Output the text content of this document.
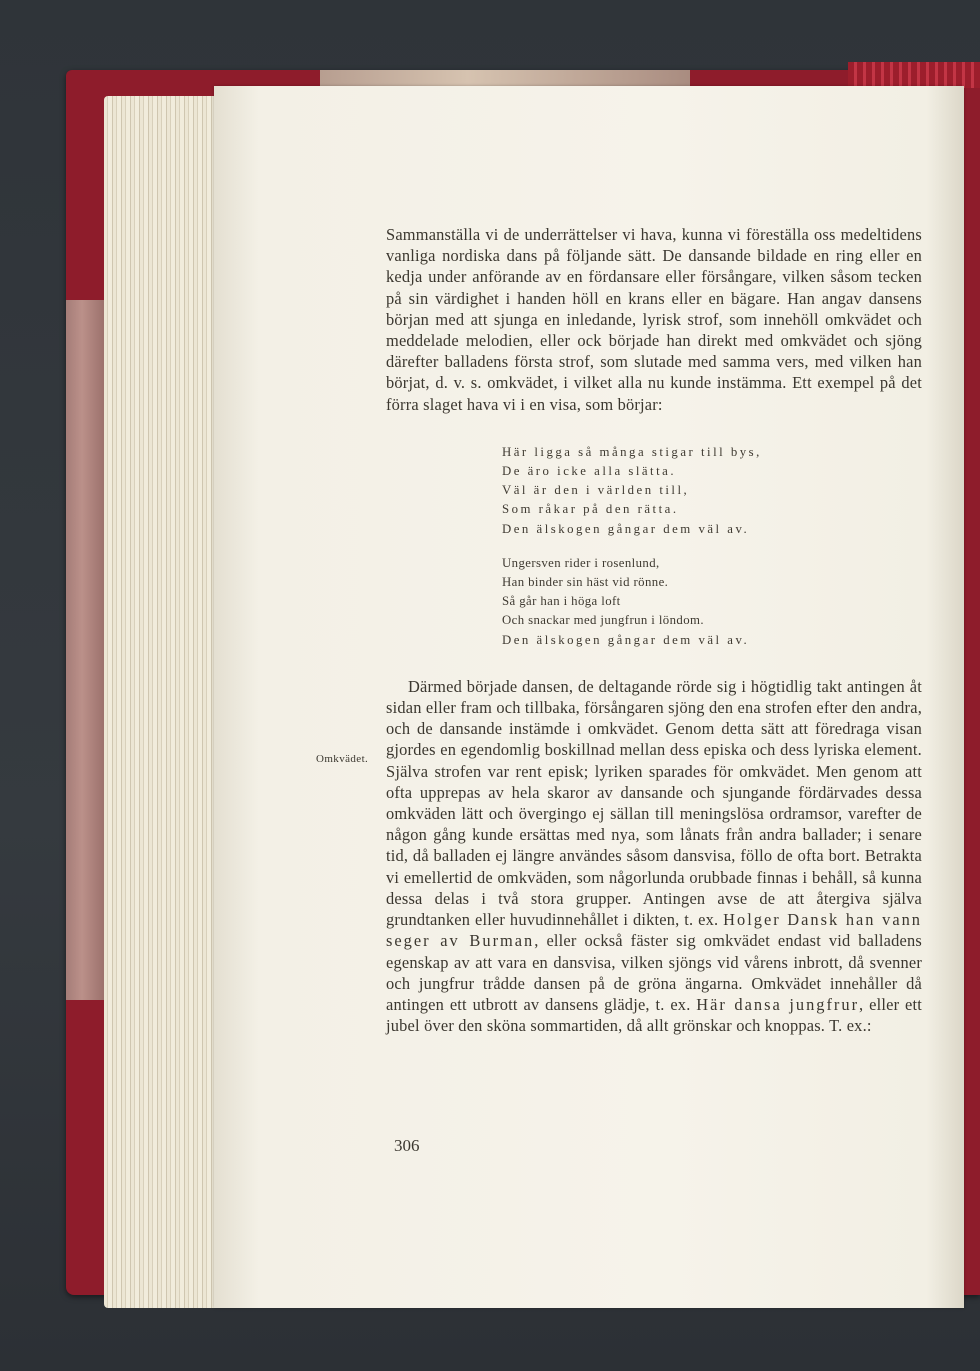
Sammanställa vi de underrättelser vi hava, kunna vi föreställa oss medeltidens vanliga nordiska dans på följande sätt. De dansande bildade en ring eller en kedja under anförande av en fördansare eller försångare, vilken såsom tecken på sin värdighet i handen höll en krans eller en bägare. Han angav dansens början med att sjunga en inledande, lyrisk strof, som innehöll omkvädet och meddelade melodien, eller ock började han direkt med omkvädet och sjöng därefter balladens första strof, som slutade med samma vers, med vilken han börjat, d. v. s. omkvädet, i vilket alla nu kunde instämma. Ett exempel på det förra slaget hava vi i en visa, som börjar:

Här ligga så många stigar till bys,
De äro icke alla slätta.
Väl är den i världen till,
Som råkar på den rätta.
Den älskogen gångar dem väl av.
Ungersven rider i rosenlund,
Han binder sin häst vid rönne.
Så går han i höga loft
Och snackar med jungfrun i löndom.
Den älskogen gångar dem väl av.

Därmed började dansen, de deltagande rörde sig i högtidlig takt antingen åt sidan eller fram och tillbaka, försångaren sjöng den ena strofen efter den andra, och de dansande instämde i omkvädet. Genom detta sätt att föredraga visan gjordes en egendomlig boskillnad mellan dess episka och dess lyriska element. Själva strofen var rent episk; lyriken sparades för omkvädet. Men genom att ofta upprepas av hela skaror av dansande och sjungande fördärvades dessa omkväden lätt och övergingo ej sällan till meningslösa ordramsor, varefter de någon gång kunde ersättas med nya, som lånats från andra ballader; i senare tid, då balladen ej längre användes såsom dansvisa, föllo de ofta bort. Betrakta vi emellertid de omkväden, som någorlunda orubbade finnas i behåll, så kunna dessa delas i två stora grupper. Antingen avse de att återgiva själva grundtanken eller huvudinnehållet i dikten, t. ex. Holger Dansk han vann seger av Burman, eller också fäster sig omkvädet endast vid balladens egenskap av att vara en dansvisa, vilken sjöngs vid vårens inbrott, då svenner och jungfrur trådde dansen på de gröna ängarna. Omkvädet innehåller då antingen ett utbrott av dansens glädje, t. ex. Här dansa jungfrur, eller ett jubel över den sköna sommartiden, då allt grönskar och knoppas. T. ex.:

Omkvädet.
306
